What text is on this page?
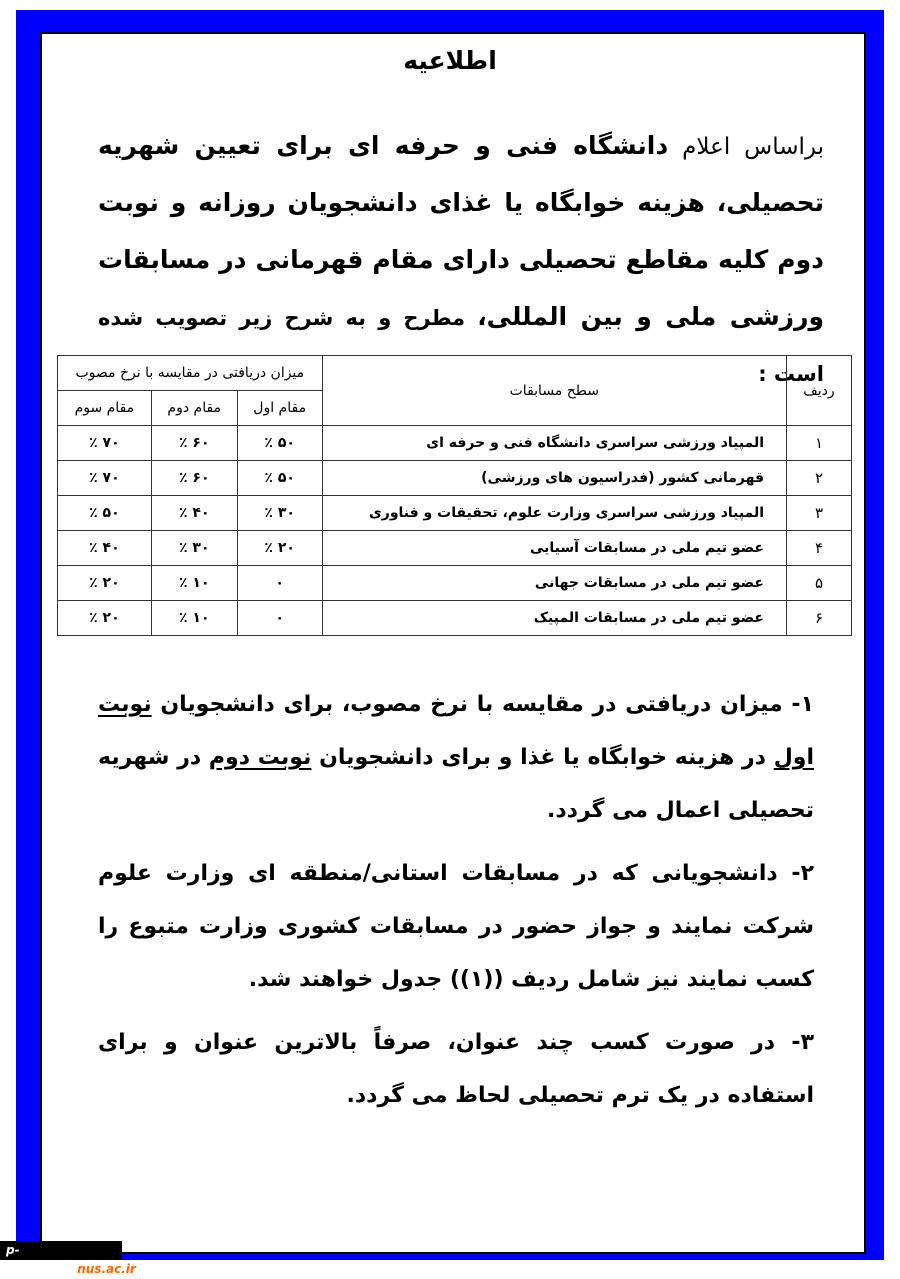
اطلاعیه
براساس اعلام دانشگاه فنی و حرفه ای برای تعیین شهریه تحصیلی، هزینه خوابگاه یا غذای دانشجویان روزانه و نوبت دوم کلیه مقاطع تحصیلی دارای مقام قهرمانی در مسابقات ورزشی ملی و بین المللی، مطرح و به شرح زیر تصویب شده است :
ردیف	سطح مسابقات	میزان دریافتی در مقایسه با نرخ مصوب		
		مقام اول	مقام دوم	مقام سوم
۱	المپیاد ورزشی سراسری دانشگاه فنی و حرفه ای	۵۰ ٪	۶۰ ٪	۷۰ ٪
۲	قهرمانی کشور (فدراسیون های ورزشی)	۵۰ ٪	۶۰ ٪	۷۰ ٪
۳	المپیاد ورزشی سراسری وزارت علوم، تحقیقات و فناوری	۳۰ ٪	۴۰ ٪	۵۰ ٪
۴	عضو تیم ملی در مسابقات آسیایی	۲۰ ٪	۳۰ ٪	۴۰ ٪
۵	عضو تیم ملی در مسابقات جهانی	۰	۱۰ ٪	۲۰ ٪
۶	عضو تیم ملی در مسابقات المپیک	۰	۱۰ ٪	۲۰ ٪

۱- میزان دریافتی در مقایسه با نرخ مصوب، برای دانشجویان نوبت اول در هزینه خوابگاه یا غذا و برای دانشجویان نوبت دوم در شهریه تحصیلی اعمال می گردد.

۲- دانشجویانی که در مسابقات استانی/منطقه ای وزارت علوم شرکت نمایند و جواز حضور در مسابقات کشوری وزارت متبوع را کسب نمایند نیز شامل ردیف ((۱)) جدول خواهند شد.

۳- در صورت کسب چند عنوان، صرفاً بالاترین عنوان و برای استفاده در یک ترم تحصیلی لحاظ می گردد.

p-safadasht.nus.ac.ir
